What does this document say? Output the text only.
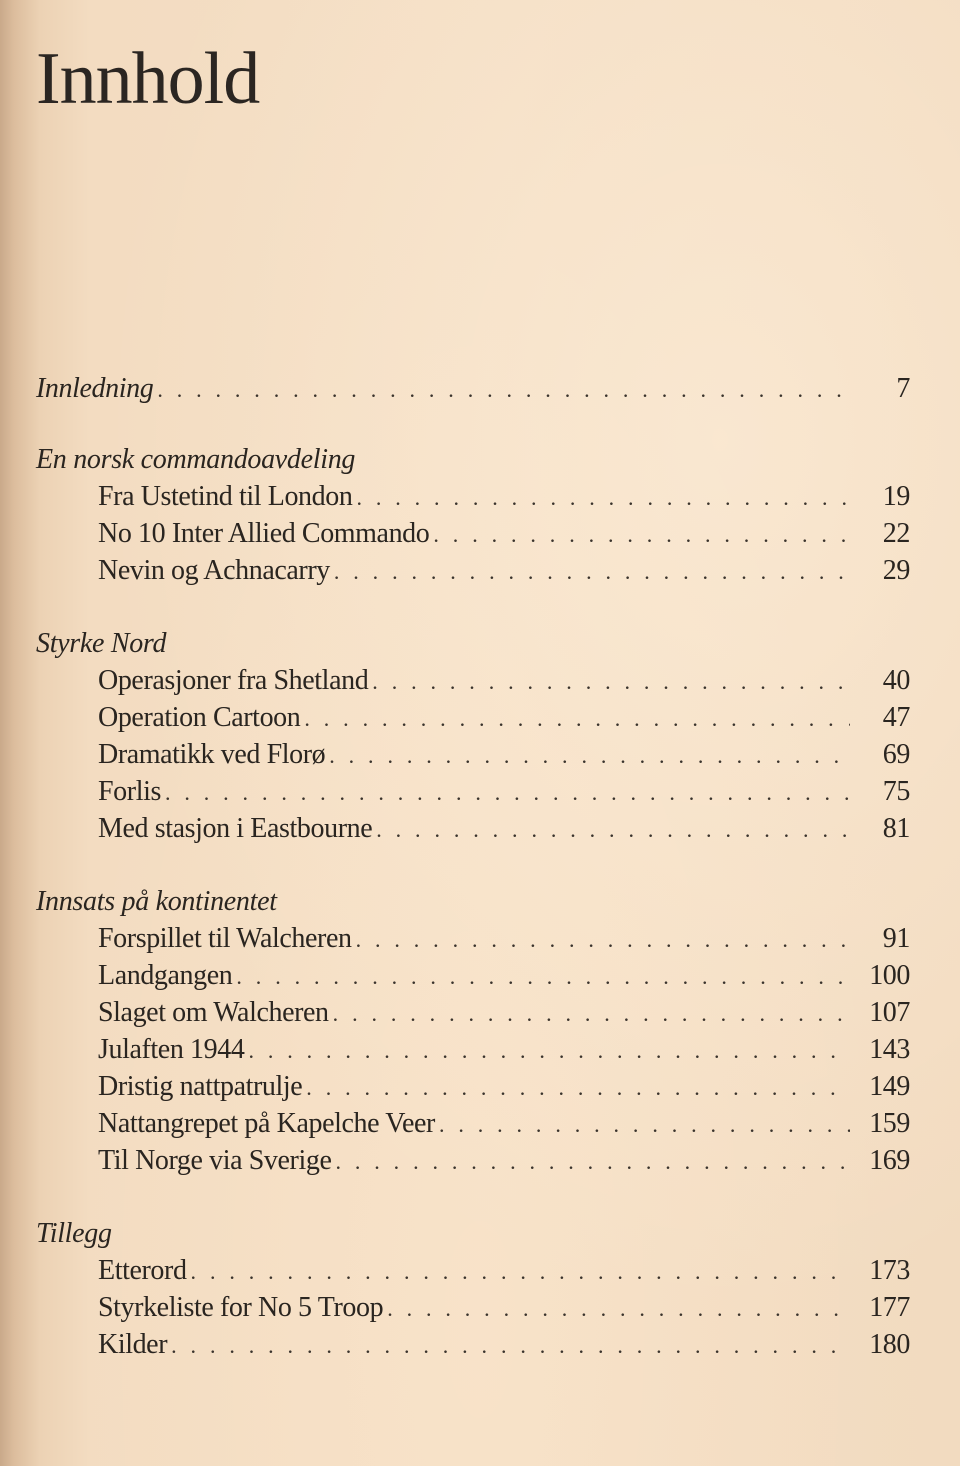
Innhold
Innledning . . .	7
En norsk commandoavdeling
Fra Ustetind til London . . .	19
No 10 Inter Allied Commando . . .	22
Nevin og Achnacarry . . .	29
Styrke Nord
Operasjoner fra Shetland . . .	40
Operation Cartoon . . .	47
Dramatikk ved Florø . . .	69
Forlis . . .	75
Med stasjon i Eastbourne . . .	81
Innsats på kontinentet
Forspillet til Walcheren . . .	91
Landgangen . . .	100
Slaget om Walcheren . . .	107
Julaften 1944 . . .	143
Dristig nattpatrulje . . .	149
Nattangrepet på Kapelche Veer . . .	159
Til Norge via Sverige . . .	169
Tillegg
Etterord . . .	173
Styrkeliste for No 5 Troop . . .	177
Kilder . . .	180
